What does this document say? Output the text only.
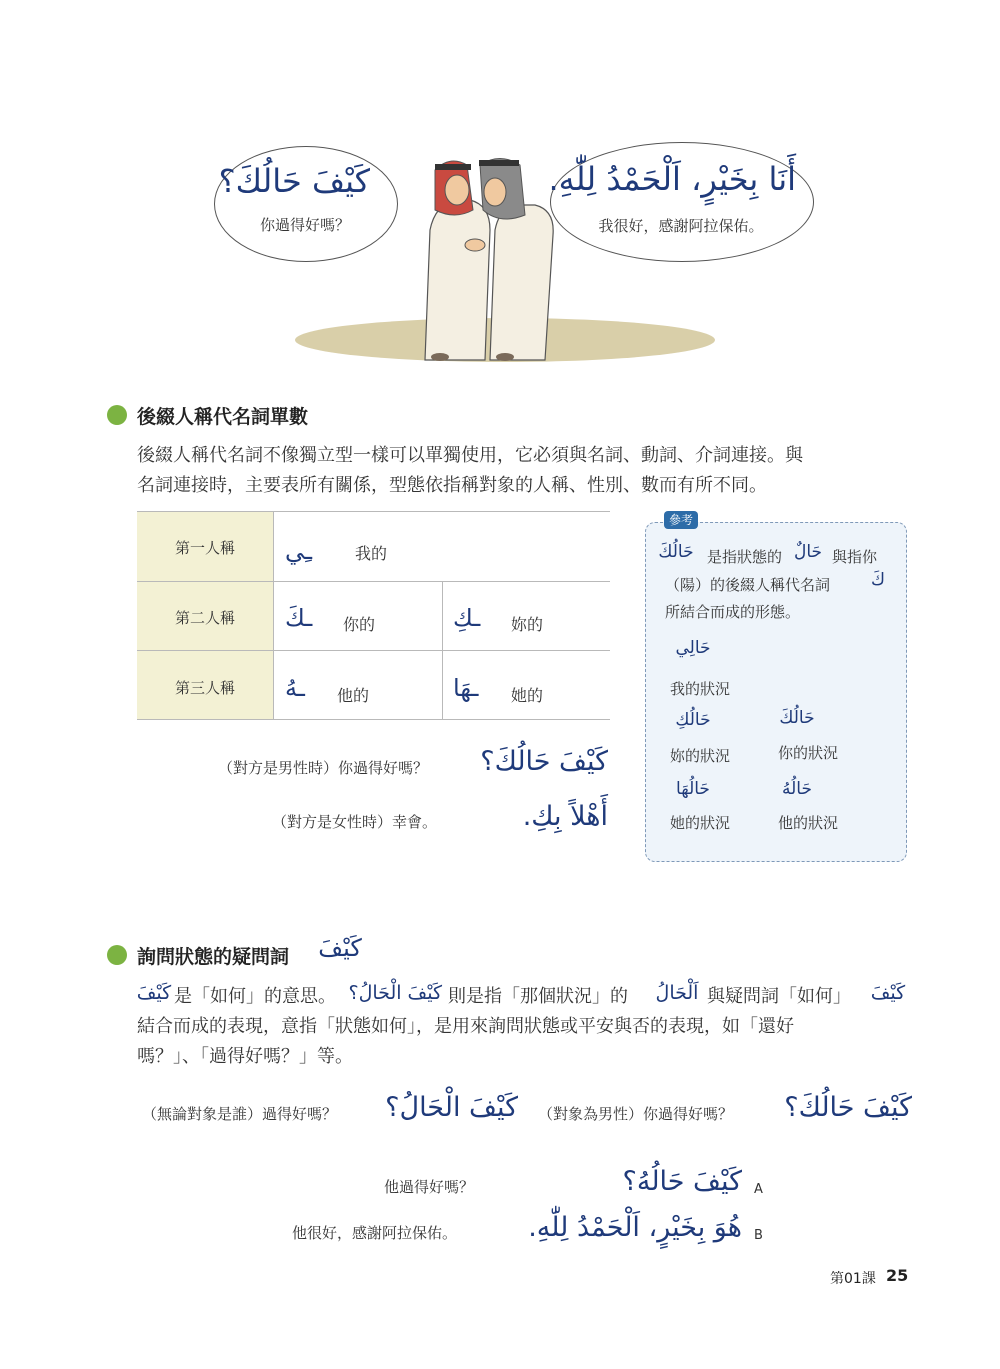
كَيْفَ حَالُكَ؟
你過得好嗎？
أَنَا بِخَيْرٍ، اَلْحَمْدُ لِلّٰهِ.
我很好，感謝阿拉保佑。
後綴人稱代名詞單數
後綴人稱代名詞不像獨立型一樣可以單獨使用，它必須與名詞、動詞、介詞連接。與
名詞連接時，主要表所有關係，型態依指稱對象的人稱、性別、數而有所不同。
第一人稱	ـِي	我的
第二人稱	ـكَ 你的	ـكِ 妳的
第三人稱	ـهُ 他的	ـهَا 她的
（對方是男性時）你過得好嗎？ كَيْفَ حَالُكَ؟
（對方是女性時）幸會。	أَهْلاً بِكِ.
參考
حَالُكَ 是指狀態的 حَالٌ 與指你
（陽）的後綴人稱代名詞 كَ
所結合而成的形態。
حَالِي
我的狀況
حَالُكِ
妳的狀況
حَالُكَ
你的狀況
حَالُهَا
她的狀況
حَالُهُ
他的狀況
詢問狀態的疑問詞 كَيْفَ
كَيْفَ 是「如何」的意思。 كَيْفَ الْحَالُ؟ 則是指「那個狀況」的	اَلْحَالُ 與疑問詞「如何」 كَيْفَ
結合而成的表現，意指「狀態如何」，是用來詢問狀態或平安與否的表現，如「還好
嗎？」、「過得好嗎？」等。
（無論對象是誰）過得好嗎？ كَيْفَ الْحَالُ؟ （對象為男性）你過得好嗎？ كَيْفَ حَالُكَ؟
他過得好嗎？	كَيْفَ حَالُهُ؟ A
他很好，感謝阿拉保佑。	هُوَ بِخَيْرٍ، اَلْحَمْدُ لِلّٰهِ. B
第01課 25
